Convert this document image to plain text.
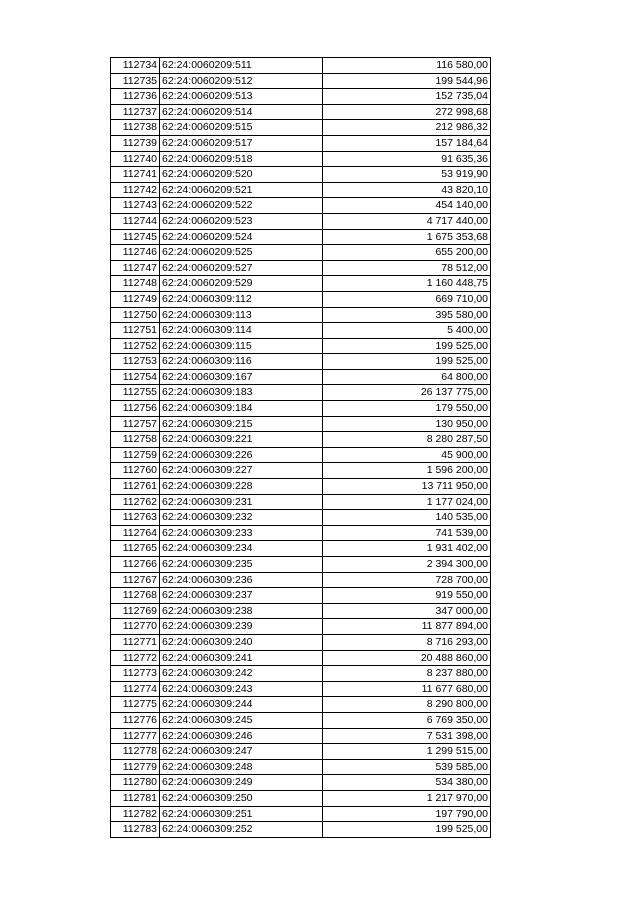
112734	62:24:0060209:511	116 580,00
112735	62:24:0060209:512	199 544,96
112736	62:24:0060209:513	152 735,04
112737	62:24:0060209:514	272 998,68
112738	62:24:0060209:515	212 986,32
112739	62:24:0060209:517	157 184,64
112740	62:24:0060209:518	91 635,36
112741	62:24:0060209:520	53 919,90
112742	62:24:0060209:521	43 820,10
112743	62:24:0060209:522	454 140,00
112744	62:24:0060209:523	4 717 440,00
112745	62:24:0060209:524	1 675 353,68
112746	62:24:0060209:525	655 200,00
112747	62:24:0060209:527	78 512,00
112748	62:24:0060209:529	1 160 448,75
112749	62:24:0060309:112	669 710,00
112750	62:24:0060309:113	395 580,00
112751	62:24:0060309:114	5 400,00
112752	62:24:0060309:115	199 525,00
112753	62:24:0060309:116	199 525,00
112754	62:24:0060309:167	64 800,00
112755	62:24:0060309:183	26 137 775,00
112756	62:24:0060309:184	179 550,00
112757	62:24:0060309:215	130 950,00
112758	62:24:0060309:221	8 280 287,50
112759	62:24:0060309:226	45 900,00
112760	62:24:0060309:227	1 596 200,00
112761	62:24:0060309:228	13 711 950,00
112762	62:24:0060309:231	1 177 024,00
112763	62:24:0060309:232	140 535,00
112764	62:24:0060309:233	741 539,00
112765	62:24:0060309:234	1 931 402,00
112766	62:24:0060309:235	2 394 300,00
112767	62:24:0060309:236	728 700,00
112768	62:24:0060309:237	919 550,00
112769	62:24:0060309:238	347 000,00
112770	62:24:0060309:239	11 877 894,00
112771	62:24:0060309:240	8 716 293,00
112772	62:24:0060309:241	20 488 860,00
112773	62:24:0060309:242	8 237 880,00
112774	62:24:0060309:243	11 677 680,00
112775	62:24:0060309:244	8 290 800,00
112776	62:24:0060309:245	6 769 350,00
112777	62:24:0060309:246	7 531 398,00
112778	62:24:0060309:247	1 299 515,00
112779	62:24:0060309:248	539 585,00
112780	62:24:0060309:249	534 380,00
112781	62:24:0060309:250	1 217 970,00
112782	62:24:0060309:251	197 790,00
112783	62:24:0060309:252	199 525,00
